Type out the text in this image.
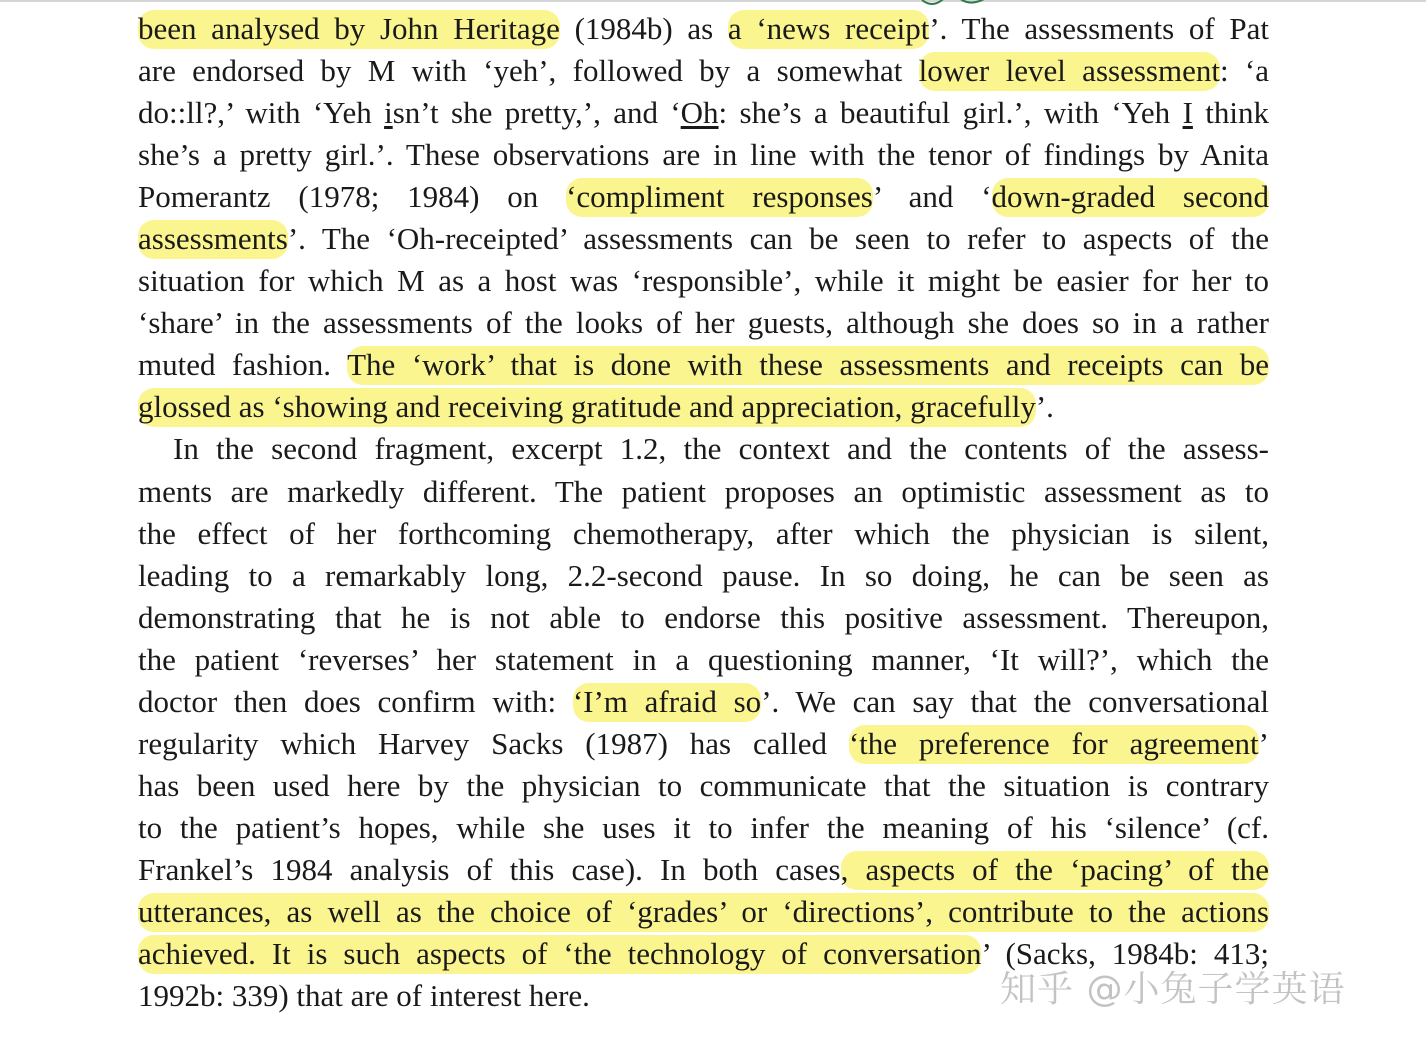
been analysed by John Heritage (1984b) as a ‘news receipt’. The assessments of Pat
are endorsed by M with ‘yeh’, followed by a somewhat lower level assessment: ‘a
do::ll?,’ with ‘Yeh isn’t she pretty,’, and ‘Oh: she’s a beautiful girl.’, with ‘Yeh I think
she’s a pretty girl.’. These observations are in line with the tenor of findings by Anita
Pomerantz (1978; 1984) on ‘compliment responses’ and ‘down-graded second
assessments’. The ‘Oh-receipted’ assessments can be seen to refer to aspects of the
situation for which M as a host was ‘responsible’, while it might be easier for her to
‘share’ in the assessments of the looks of her guests, although she does so in a rather
muted fashion. The ‘work’ that is done with these assessments and receipts can be
glossed as ‘showing and receiving gratitude and appreciation, gracefully’.
In the second fragment, excerpt 1.2, the context and the contents of the assess-
ments are markedly different. The patient proposes an optimistic assessment as to
the effect of her forthcoming chemotherapy, after which the physician is silent,
leading to a remarkably long, 2.2-second pause. In so doing, he can be seen as
demonstrating that he is not able to endorse this positive assessment. Thereupon,
the patient ‘reverses’ her statement in a questioning manner, ‘It will?’, which the
doctor then does confirm with: ‘I’m afraid so’. We can say that the conversational
regularity which Harvey Sacks (1987) has called ‘the preference for agreement’
has been used here by the physician to communicate that the situation is contrary
to the patient’s hopes, while she uses it to infer the meaning of his ‘silence’ (cf.
Frankel’s 1984 analysis of this case). In both cases, aspects of the ‘pacing’ of the
utterances, as well as the choice of ‘grades’ or ‘directions’, contribute to the actions
achieved. It is such aspects of ‘the technology of conversation’ (Sacks, 1984b: 413;
1992b: 339) that are of interest here.	知乎 @小兔子学英语
